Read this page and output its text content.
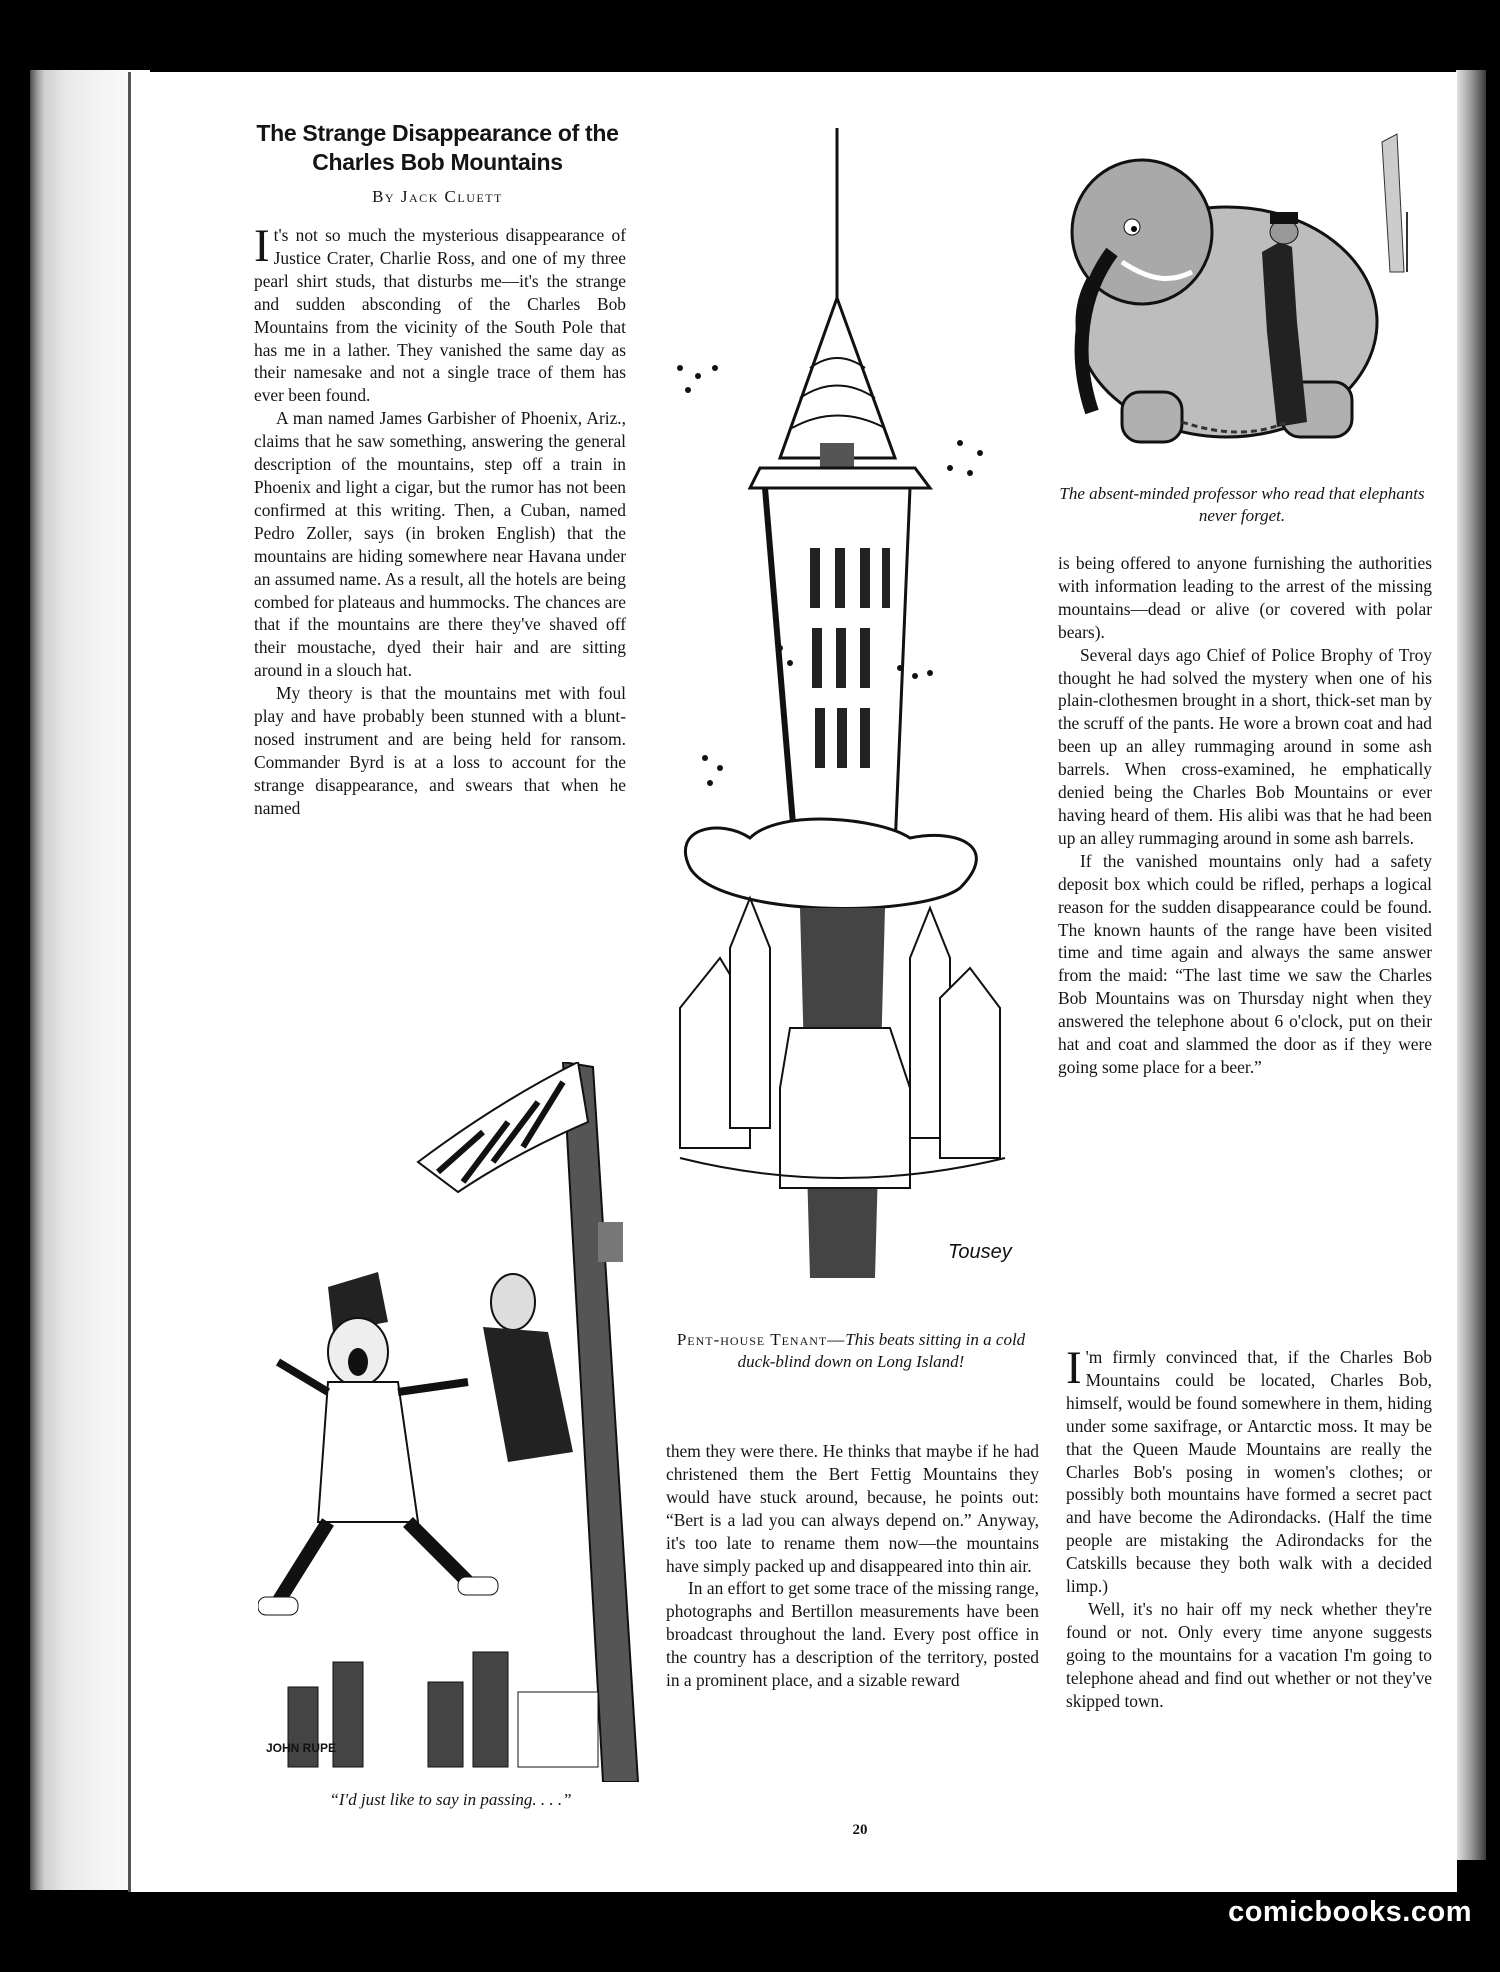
The Strange Disappearance of the Charles Bob Mountains
By Jack Cluett

It's not so much the mysterious disappearance of Justice Crater, Charlie Ross, and one of my three pearl shirt studs, that disturbs me—it's the strange and sudden absconding of the Charles Bob Mountains from the vicinity of the South Pole that has me in a lather. They vanished the same day as their namesake and not a single trace of them has ever been found.

A man named James Garbisher of Phoenix, Ariz., claims that he saw something, answering the general description of the mountains, step off a train in Phoenix and light a cigar, but the rumor has not been confirmed at this writing. Then, a Cuban, named Pedro Zoller, says (in broken English) that the mountains are hiding somewhere near Havana under an assumed name. As a result, all the hotels are being combed for plateaus and hummocks. The chances are that if the mountains are there they've shaved off their moustache, dyed their hair and are sitting around in a slouch hat.

My theory is that the mountains met with foul play and have probably been stunned with a blunt-nosed instrument and are being held for ransom. Commander Byrd is at a loss to account for the strange disappearance, and swears that when he named

them they were there. He thinks that maybe if he had christened them the Bert Fettig Mountains they would have stuck around, because, he points out: “Bert is a lad you can always depend on.” Anyway, it's too late to rename them now—the mountains have simply packed up and disappeared into thin air.

In an effort to get some trace of the missing range, photographs and Bertillon measurements have been broadcast throughout the land. Every post office in the country has a description of the territory, posted in a prominent place, and a sizable reward

is being offered to anyone furnishing the authorities with information leading to the arrest of the missing mountains—dead or alive (or covered with polar bears).

Several days ago Chief of Police Brophy of Troy thought he had solved the mystery when one of his plain-clothesmen brought in a short, thick-set man by the scruff of the pants. He wore a brown coat and had been up an alley rummaging around in some ash barrels. When cross-examined, he emphatically denied being the Charles Bob Mountains or ever having heard of them. His alibi was that he had been up an alley rummaging around in some ash barrels.

If the vanished mountains only had a safety deposit box which could be rifled, perhaps a logical reason for the sudden disappearance could be found. The known haunts of the range have been visited time and time again and always the same answer from the maid: “The last time we saw the Charles Bob Mountains was on Thursday night when they answered the telephone about 6 o'clock, put on their hat and coat and slammed the door as if they were going some place for a beer.”

I 'm firmly convinced that, if the Charles Bob Mountains could be located, Charles Bob, himself, would be found somewhere in them, hiding under some saxifrage, or Antarctic moss. It may be that the Queen Maude Mountains are really the Charles Bob's posing in women's clothes; or possibly both mountains have formed a secret pact and have become the Adirondacks. (Half the time people are mistaking the Adirondacks for the Catskills because they both walk with a decided limp.)

Well, it's no hair off my neck whether they're found or not. Only every time anyone suggests going to the mountains for a vacation I'm going to telephone ahead and find out whether or not they've skipped town.

The absent-minded professor who read that elephants never forget.
Tousey
Pent-house Tenant—This beats sitting in a cold duck-blind down on Long Island!
JOHN RUPE
“I'd just like to say in passing. . . .”
20
comicbooks.com
